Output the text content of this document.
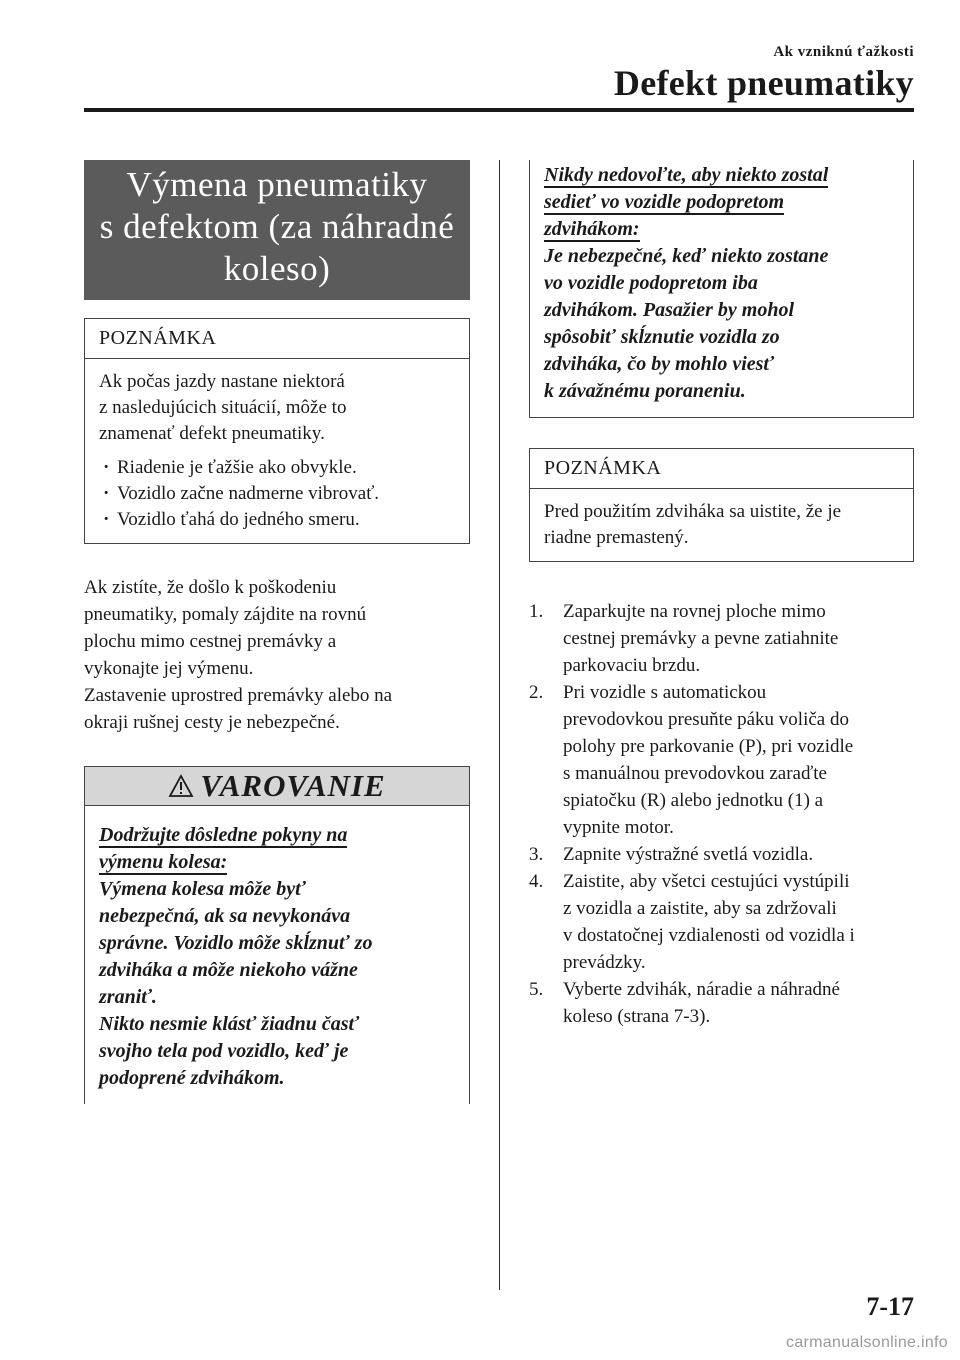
Ak vzniknú ťažkosti
Defekt pneumatiky
Výmena pneumatiky
s defektom (za náhradné
koleso)
POZNÁMKA

Ak počas jazdy nastane niektorá
z nasledujúcich situácií, môže to
znamenať defekt pneumatiky.

· Riadenie je ťažšie ako obvykle.
· Vozidlo začne nadmerne vibrovať.
· Vozidlo ťahá do jedného smeru.

Ak zistíte, že došlo k poškodeniu

pneumatiky, pomaly zájdite na rovnú

plochu mimo cestnej premávky a

vykonajte jej výmenu.

Zastavenie uprostred premávky alebo na

okraji rušnej cesty je nebezpečné.

VAROVANIE

Dodržujte dôsledne pokyny na
výmenu kolesa:

Výmena kolesa môže byť

nebezpečná, ak sa nevykonáva

správne. Vozidlo môže skĺznuť zo

zdviháka a môže niekoho vážne

zraniť.

Nikto nesmie klásť žiadnu časť

svojho tela pod vozidlo, keď je

podoprené zdvihákom.

Nikdy nedovoľte, aby niekto zostal
sedieť vo vozidle podopretom
zdvihákom:

Je nebezpečné, keď niekto zostane

vo vozidle podopretom iba

zdvihákom. Pasažier by mohol

spôsobiť skĺznutie vozidla zo

zdviháka, čo by mohlo viesť

k závažnému poraneniu.

POZNÁMKA

Pred použitím zdviháka sa uistite, že je
riadne premastený.

1. Zaparkujte na rovnej ploche mimo
cestnej premávky a pevne zatiahnite
parkovaciu brzdu.
2. Pri vozidle s automatickou
prevodovkou presuňte páku voliča do
polohy pre parkovanie (P), pri vozidle
s manuálnou prevodovkou zaraďte
spiatočku (R) alebo jednotku (1) a
vypnite motor.
3. Zapnite výstražné svetlá vozidla.
4. Zaistite, aby všetci cestujúci vystúpili
z vozidla a zaistite, aby sa zdržovali
v dostatočnej vzdialenosti od vozidla i
prevádzky.
5. Vyberte zdvihák, náradie a náhradné
koleso (strana 7-3).
7-17
carmanualsonline.info
